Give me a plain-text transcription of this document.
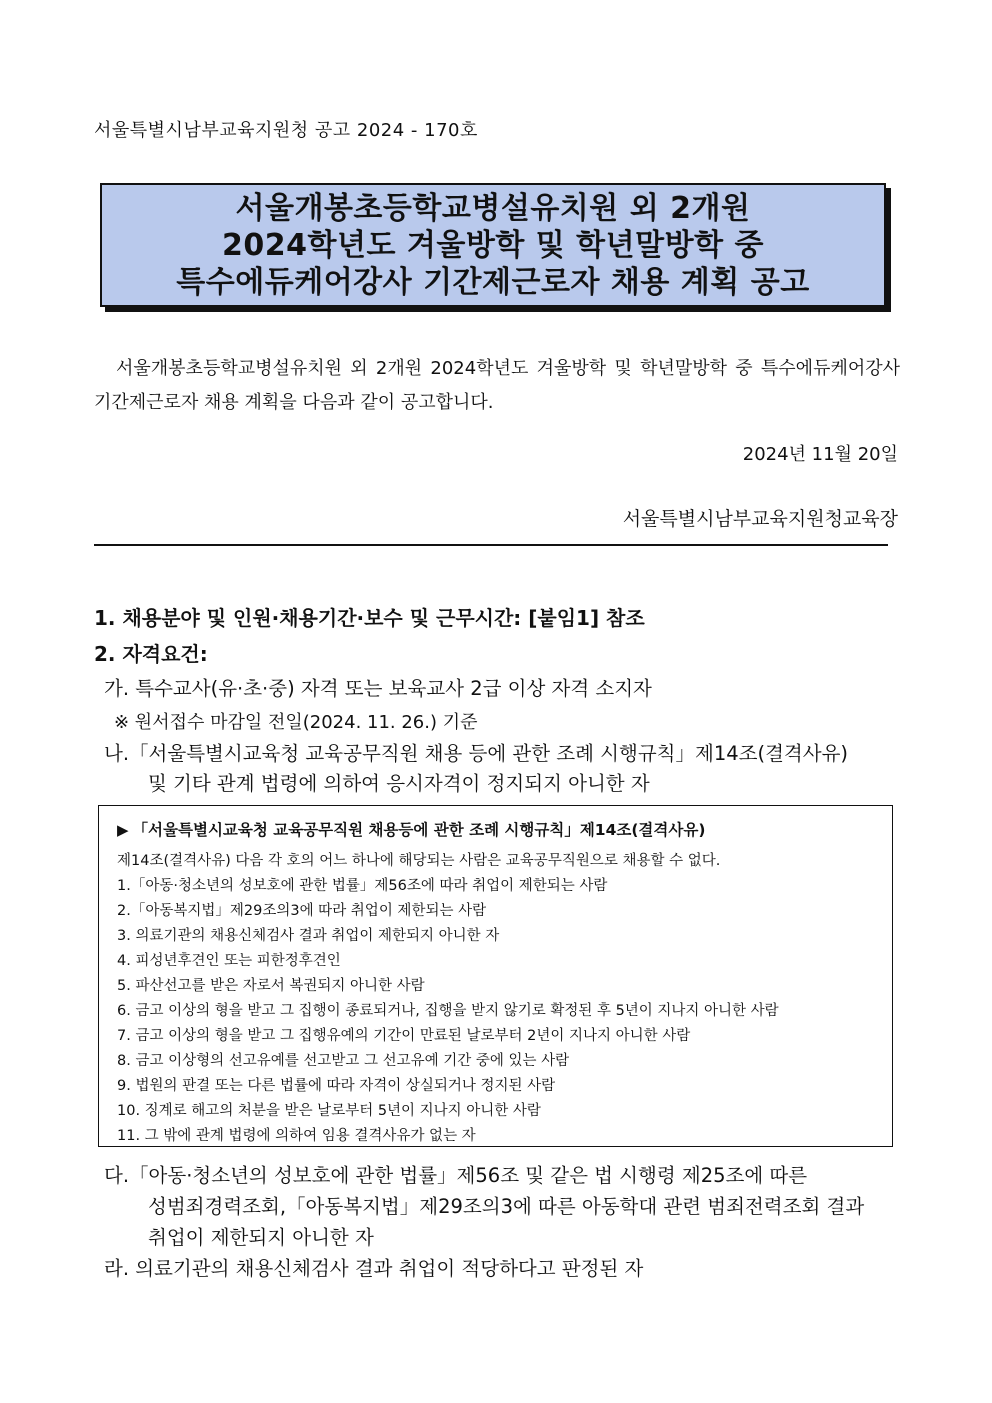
서울특별시남부교육지원청 공고 2024 - 170호
서울개봉초등학교병설유치원 외 2개원
2024학년도 겨울방학 및 학년말방학 중
특수에듀케어강사 기간제근로자 채용 계획 공고
서울개봉초등학교병설유치원 외 2개원 2024학년도 겨울방학 및 학년말방학 중 특수에듀케어강사 기간제근로자 채용 계획을 다음과 같이 공고합니다.
2024년 11월 20일
서울특별시남부교육지원청교육장
1. 채용분야 및 인원·채용기간·보수 및 근무시간: [붙임1] 참조
2. 자격요건:
가. 특수교사(유·초·중) 자격 또는 보육교사 2급 이상 자격 소지자
※ 원서접수 마감일 전일(2024. 11. 26.) 기준
나.「서울특별시교육청 교육공무직원 채용 등에 관한 조례 시행규칙」제14조(결격사유)
및 기타 관계 법령에 의하여 응시자격이 정지되지 아니한 자
▶ 「서울특별시교육청 교육공무직원 채용등에 관한 조례 시행규칙」제14조(결격사유)
제14조(결격사유) 다음 각 호의 어느 하나에 해당되는 사람은 교육공무직원으로 채용할 수 없다.
1.「아동·청소년의 성보호에 관한 법률」제56조에 따라 취업이 제한되는 사람
2.「아동복지법」제29조의3에 따라 취업이 제한되는 사람
3. 의료기관의 채용신체검사 결과 취업이 제한되지 아니한 자
4. 피성년후견인 또는 피한정후견인
5. 파산선고를 받은 자로서 복권되지 아니한 사람
6. 금고 이상의 형을 받고 그 집행이 종료되거나, 집행을 받지 않기로 확정된 후 5년이 지나지 아니한 사람
7. 금고 이상의 형을 받고 그 집행유예의 기간이 만료된 날로부터 2년이 지나지 아니한 사람
8. 금고 이상형의 선고유예를 선고받고 그 선고유예 기간 중에 있는 사람
9. 법원의 판결 또는 다른 법률에 따라 자격이 상실되거나 정지된 사람
10. 징계로 해고의 처분을 받은 날로부터 5년이 지나지 아니한 사람
11. 그 밖에 관계 법령에 의하여 임용 결격사유가 없는 자
다.「아동·청소년의 성보호에 관한 법률」제56조 및 같은 법 시행령 제25조에 따른
성범죄경력조회,「아동복지법」제29조의3에 따른 아동학대 관련 범죄전력조회 결과
취업이 제한되지 아니한 자
라. 의료기관의 채용신체검사 결과 취업이 적당하다고 판정된 자
